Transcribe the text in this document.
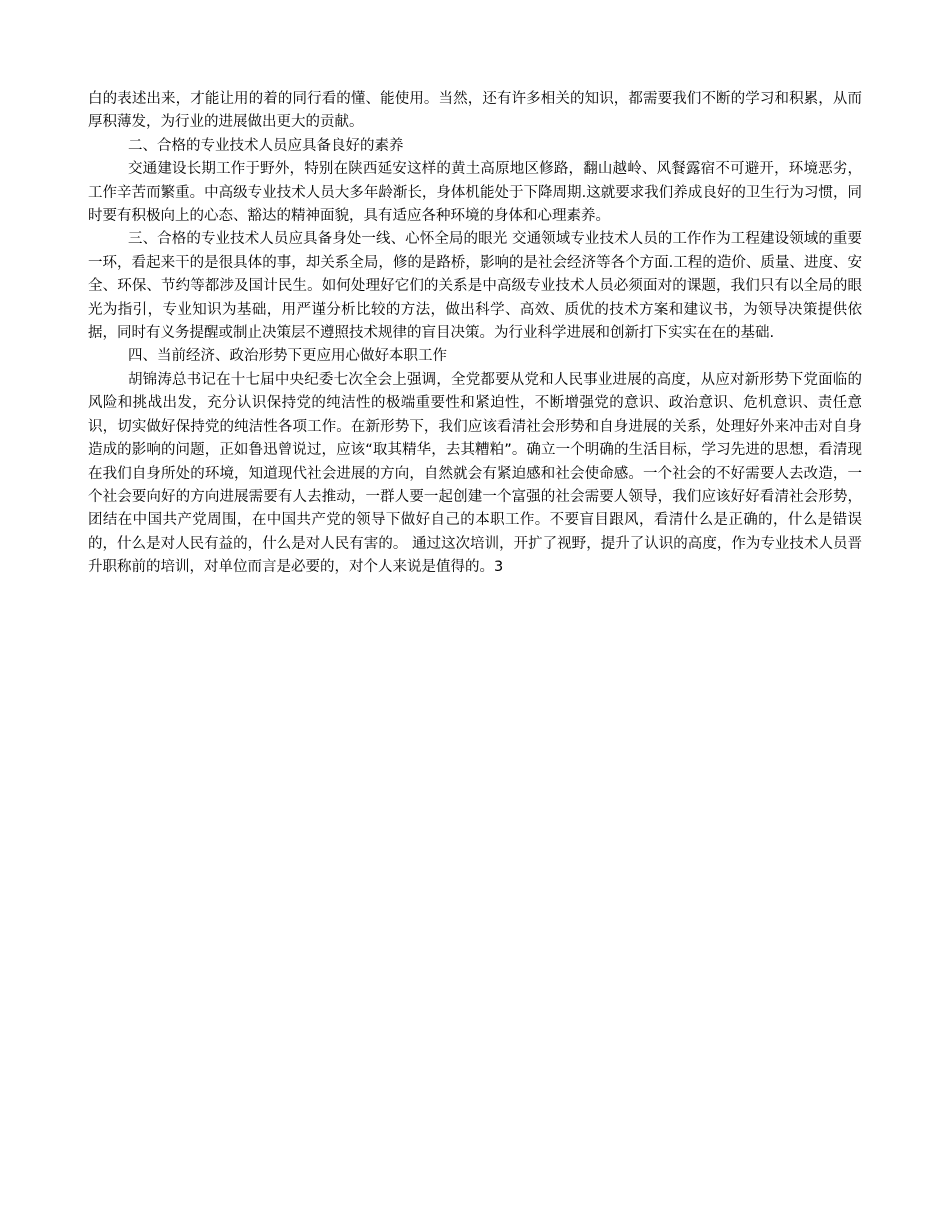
白的表述出来，才能让用的着的同行看的懂、能使用。当然，还有许多相关的知识，都需要我们不断的学习和积累，从而厚积薄发，为行业的进展做出更大的贡献。

二、合格的专业技术人员应具备良好的素养

交通建设长期工作于野外，特别在陕西延安这样的黄土高原地区修路，翻山越岭、风餐露宿不可避开，环境恶劣，工作辛苦而繁重。中高级专业技术人员大多年龄渐长，身体机能处于下降周期.这就要求我们养成良好的卫生行为习惯，同时要有积极向上的心态、豁达的精神面貌，具有适应各种环境的身体和心理素养。

三、合格的专业技术人员应具备身处一线、心怀全局的眼光 交通领域专业技术人员的工作作为工程建设领域的重要一环，看起来干的是很具体的事，却关系全局，修的是路桥，影响的是社会经济等各个方面.工程的造价、质量、进度、安全、环保、节约等都涉及国计民生。如何处理好它们的关系是中高级专业技术人员必须面对的课题，我们只有以全局的眼光为指引，专业知识为基础，用严谨分析比较的方法，做出科学、高效、质优的技术方案和建议书，为领导决策提供依据，同时有义务提醒或制止决策层不遵照技术规律的盲目决策。为行业科学进展和创新打下实实在在的基础.

四、当前经济、政治形势下更应用心做好本职工作

胡锦涛总书记在十七届中央纪委七次全会上强调，全党都要从党和人民事业进展的高度，从应对新形势下党面临的风险和挑战出发，充分认识保持党的纯洁性的极端重要性和紧迫性，不断增强党的意识、政治意识、危机意识、责任意识，切实做好保持党的纯洁性各项工作。在新形势下，我们应该看清社会形势和自身进展的关系，处理好外来冲击对自身造成的影响的问题，正如鲁迅曾说过，应该“取其精华，去其糟粕”。确立一个明确的生活目标，学习先进的思想，看清现在我们自身所处的环境，知道现代社会进展的方向，自然就会有紧迫感和社会使命感。一个社会的不好需要人去改造，一个社会要向好的方向进展需要有人去推动，一群人要一起创建一个富强的社会需要人领导，我们应该好好看清社会形势，团结在中国共产党周围，在中国共产党的领导下做好自己的本职工作。不要盲目跟风，看清什么是正确的，什么是错误的，什么是对人民有益的，什么是对人民有害的。 通过这次培训，开扩了视野，提升了认识的高度，作为专业技术人员晋升职称前的培训，对单位而言是必要的，对个人来说是值得的。3
